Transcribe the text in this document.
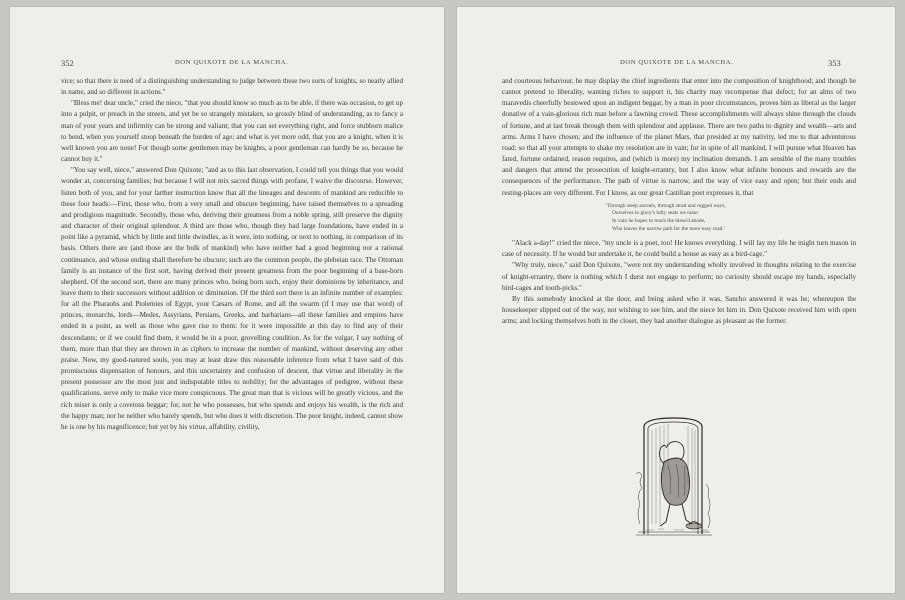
352	DON QUIXOTE DE LA MANCHA.

vice; so that there is need of a distinguishing understanding to judge between these two sorts of knights, so nearly allied in name, and so different in actions."

"Bless me! dear uncle," cried the niece, "that you should know so much as to be able, if there was occasion, to get up into a pulpit, or preach in the streets, and yet be so strangely mistaken, so grossly blind of understanding, as to fancy a man of your years and infirmity can be strong and valiant; that you can set everything right, and force stubborn malice to bend, when you yourself stoop beneath the burden of age; and what is yet more odd, that you are a knight, when it is well known you are none! For though some gentlemen may be knights, a poor gentleman can hardly be so, because he cannot buy it."

"You say well, niece," answered Don Quixote; "and as to this last observation, I could tell you things that you would wonder at, concerning families; but because I will not mix sacred things with profane, I waive the discourse. However, listen both of you, and for your farther instruction know that all the lineages and descents of mankind are reducible to these four heads:—First, those who, from a very small and obscure beginning, have raised themselves to a spreading and prodigious magnitude. Secondly, those who, deriving their greatness from a noble spring, still preserve the dignity and character of their original splendour. A third are those who, though they had large foundations, have ended in a point like a pyramid, which by little and little dwindles, as it were, into nothing, or next to nothing, in comparison of its basis. Others there are (and those are the bulk of mankind) who have neither had a good beginning nor a rational continuance, and whose ending shall therefore be obscure; such are the common people, the plebeian race. The Ottoman family is an instance of the first sort, having derived their present greatness from the poor beginning of a base-born shepherd. Of the second sort, there are many princes who, being born such, enjoy their dominions by inheritance, and leave them to their successors without addition or diminution. Of the third sort there is an infinite number of examples: for all the Pharaohs and Ptolemies of Egypt, your Cæsars of Rome, and all the swarm (if I may use that word) of princes, monarchs, lords—Medes, Assyrians, Persians, Greeks, and barbarians—all these families and empires have ended in a point, as well as those who gave rise to them: for it were impossible at this day to find any of their descendants; or if we could find them, it would be in a poor, grovelling condition. As for the vulgar, I say nothing of them, more than that they are thrown in as ciphers to increase the number of mankind, without deserving any other praise. Now, my good-natured souls, you may at least draw this reasonable inference from what I have said of this promiscuous dispensation of honours, and this uncertainty and confusion of descent, that virtue and liberality in the present possessor are the most just and indisputable titles to nobility; for the advantages of pedigree, without these qualifications, serve only to make vice more conspicuous. The great man that is vicious will be greatly vicious, and the rich miser is only a covetous beggar; for, not he who possesses, but who spends and enjoys his wealth, is the rich and the happy man; nor he neither who barely spends, but who does it with discretion. The poor knight, indeed, cannot show he is one by his magnificence; but yet by his virtue, affability, civility,

DON QUIXOTE DE LA MANCHA.	353

and courteous behaviour, he may display the chief ingredients that enter into the composition of knighthood; and though he cannot pretend to liberality, wanting riches to support it, his charity may recompense that defect; for an alms of two maravedis cheerfully bestowed upon an indigent beggar, by a man in poor circumstances, proves him as liberal as the larger donative of a vain-glorious rich man before a fawning crowd. These accomplishments will always shine through the clouds of fortune, and at last break through them with splendour and applause. There are two paths to dignity and wealth—arts and arms. Arms I have chosen; and the influence of the planet Mars, that presided at my nativity, led me to that adventurous road: so that all your attempts to shake my resolution are in vain; for in spite of all mankind, I will pursue what Heaven has fated, fortune ordained, reason requires, and (which is more) my inclination demands. I am sensible of the many troubles and dangers that attend the prosecution of knight-errantry, but I also know what infinite honours and rewards are the consequences of the performance. The path of virtue is narrow, and the way of vice easy and open; but their ends and resting-places are very different. For I know, as our great Castilian poet expresses it, that

'Through steep ascents, through strait and rugged ways,
Ourselves to glory's lofty seats we raise:
In vain he hopes to reach the bless'd abode,
Who leaves the narrow path for the more easy road.'

"Alack a-day!" cried the niece, "my uncle is a poet, too! He knows everything. I will lay my life he might turn mason in case of necessity. If he would but undertake it, he could build a house as easy as a bird-cage."

"Why truly, niece," said Don Quixote, "were not my understanding wholly involved in thoughts relating to the exercise of knight-errantry, there is nothing which I durst not engage to perform; no curiosity should escape my hands, especially bird-cages and tooth-picks."

By this somebody knocked at the door, and being asked who it was, Sancho answered it was he; whereupon the housekeeper slipped out of the way, not wishing to see him, and the niece let him in. Don Quixote received him with open arms; and locking themselves both in the closet, they had another dialogue as pleasant as the former.
